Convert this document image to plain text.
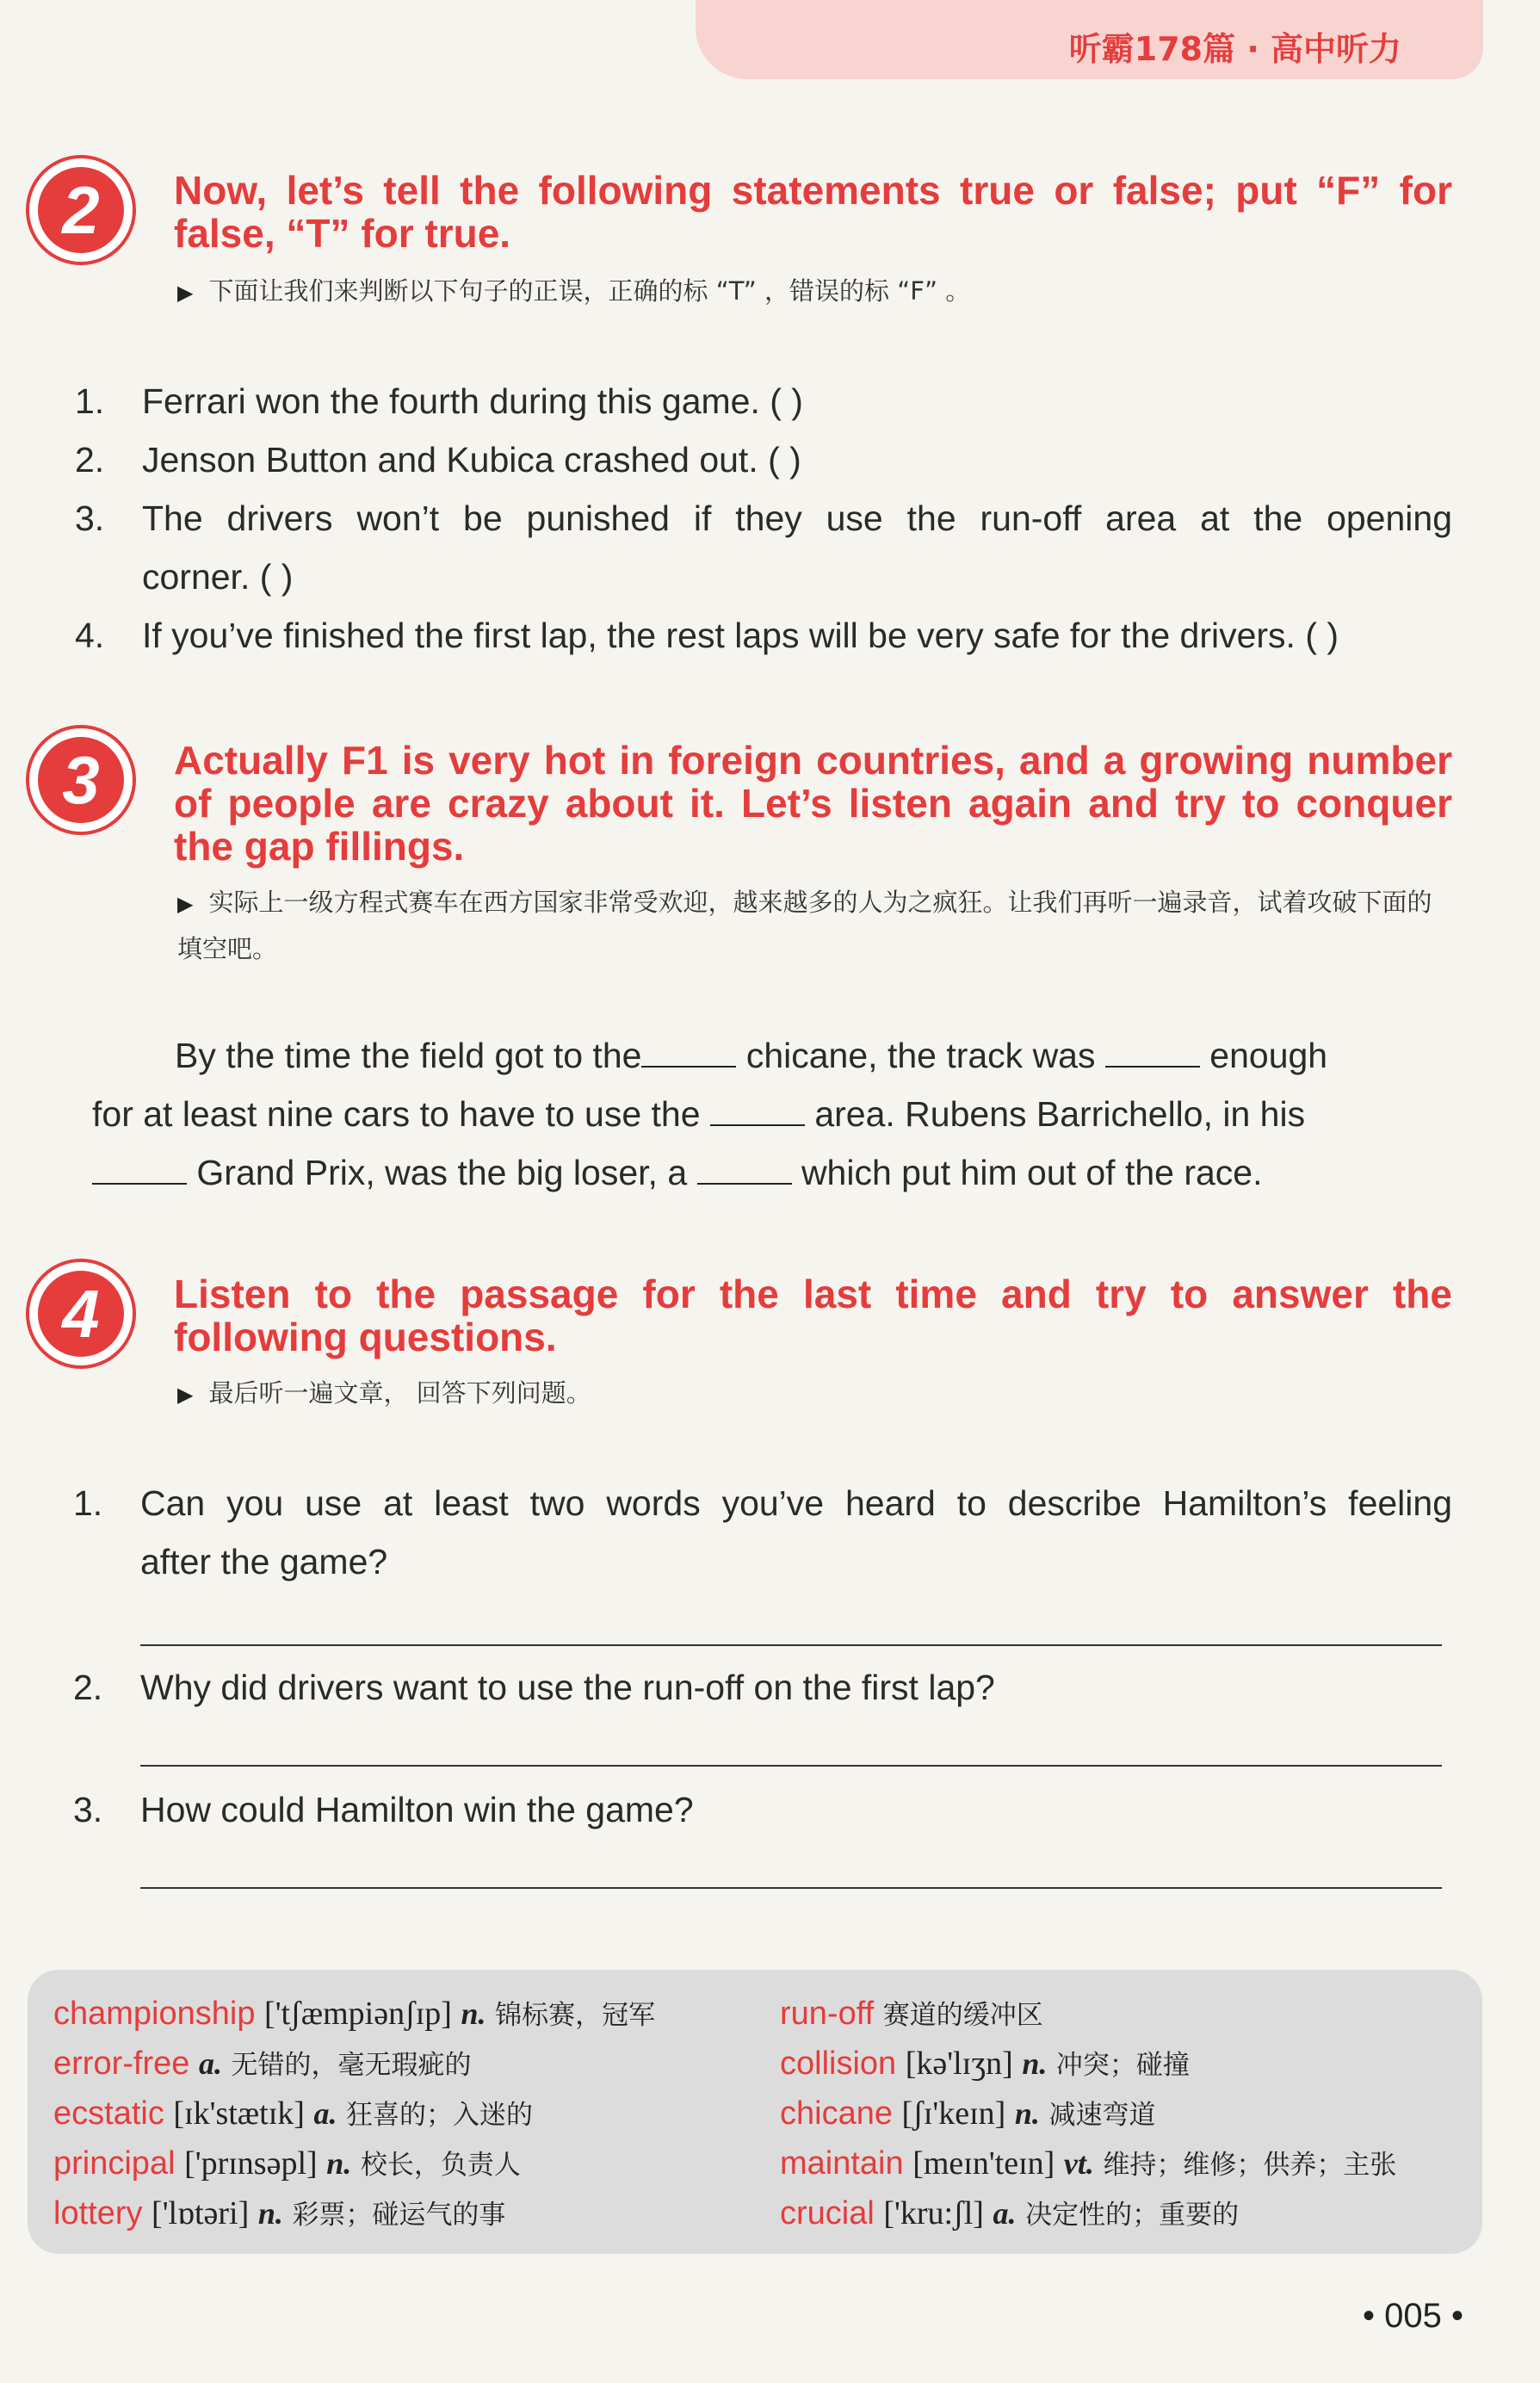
听霸178篇 · 高中听力
2	Now, let’s tell the following statements true or false; put “F” for false, “T” for true.
▶ 下面让我们来判断以下句子的正误，正确的标 “T” ，错误的标 “F” 。
1. Ferrari won the fourth during this game. ( )
2. Jenson Button and Kubica crashed out. ( )
3. The drivers won’t be punished if they use the run-off area at the opening
corner. ( )
4. If you’ve finished the first lap, the rest laps will be very safe for the drivers. ( )
3	Actually F1 is very hot in foreign countries, and a growing number of people are crazy about it. Let’s listen again and try to conquer the gap fillings.
▶ 实际上一级方程式赛车在西方国家非常受欢迎，越来越多的人为之疯狂。让我们再听一遍录音，试着攻破下面的填空吧。
By the time the field got to the	chicane, the track was	enough
for at least nine cars to have to use the	area. Rubens Barrichello, in his
Grand Prix, was the big loser, a	which put him out of the race.
4	Listen to the passage for the last time and try to answer the following questions.
▶ 最后听一遍文章， 回答下列问题。
1. Can you use at least two words you’ve heard to describe Hamilton’s feeling
after the game?
2. Why did drivers want to use the run-off on the first lap?
3. How could Hamilton win the game?
championship ['tʃæmpiənʃɪp] n. 锦标赛，冠军
error-free a. 无错的，毫无瑕疵的
ecstatic [ɪk'stætɪk] a. 狂喜的；入迷的
principal ['prɪnsəpl] n. 校长，负责人
lottery ['lɒtəri] n. 彩票；碰运气的事
run-off 赛道的缓冲区
collision [kə'lɪʒn] n. 冲突；碰撞
chicane [ʃɪ'keɪn] n. 减速弯道
maintain [meɪn'teɪn] vt. 维持；维修；供养；主张
crucial ['kru:ʃl] a. 决定性的；重要的
• 005 •
